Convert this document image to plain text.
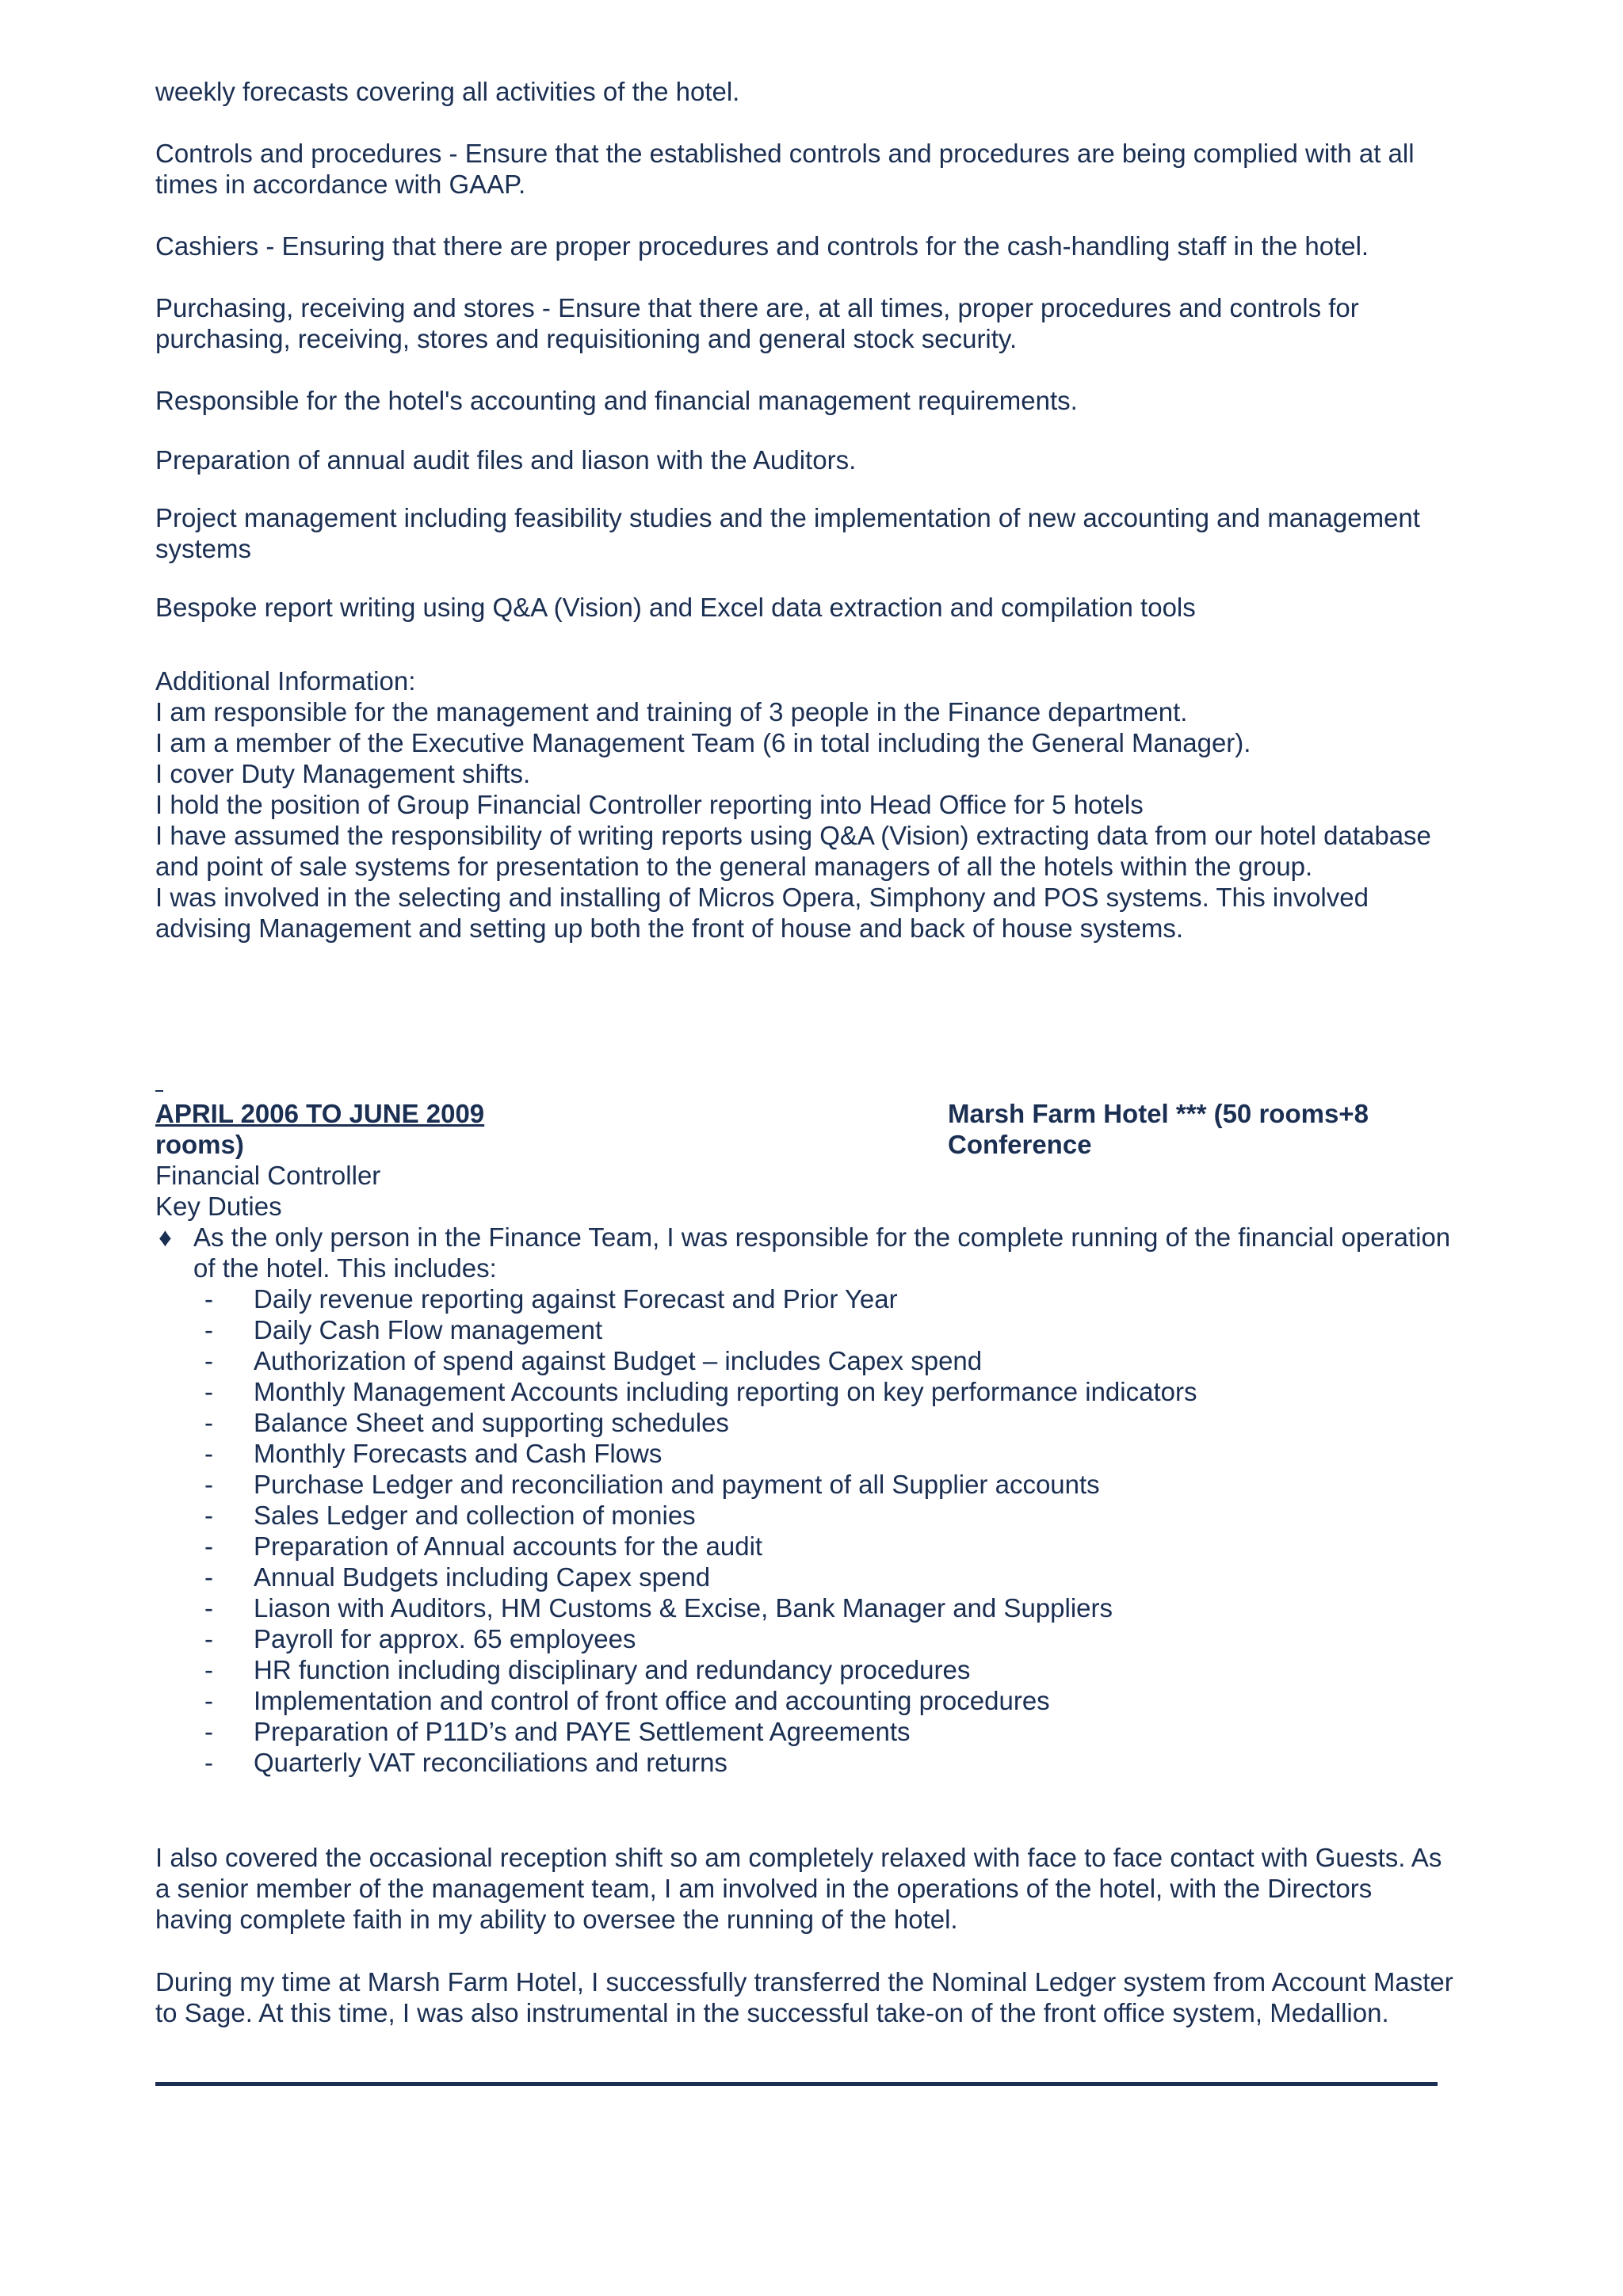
weekly forecasts covering all activities of the hotel.

Controls and procedures - Ensure that the established controls and procedures are being complied with at all times in accordance with GAAP.

Cashiers - Ensuring that there are proper procedures and controls for the cash-handling staff in the hotel.

Purchasing, receiving and stores - Ensure that there are, at all times, proper procedures and controls for purchasing, receiving, stores and requisitioning and general stock security.

Responsible for the hotel's accounting and financial management requirements.

Preparation of annual audit files and liason with the Auditors.

Project management including feasibility studies and the implementation of new accounting and management systems

Bespoke report writing using Q&A (Vision) and Excel data extraction and compilation tools

Additional Information:
I am responsible for the management and training of 3 people in the Finance department.
I am a member of the Executive Management Team (6 in total including the General Manager).
I cover Duty Management shifts.
I hold the position of Group Financial Controller reporting into Head Office for 5 hotels
I have assumed the responsibility of writing reports using Q&A (Vision) extracting data from our hotel database and point of sale systems for presentation to the general managers of all the hotels within the group.
I was involved in the selecting and installing of Micros Opera, Simphony and POS systems. This involved advising Management and setting up both the front of house and back of house systems.
APRIL 2006 TO JUNE 2009	Marsh Farm Hotel *** (50 rooms+8 Conference
rooms)
Financial Controller
Key Duties
♦ As the only person in the Finance Team, I was responsible for the complete running of the financial operation of the hotel. This includes:
- Daily revenue reporting against Forecast and Prior Year
- Daily Cash Flow management
- Authorization of spend against Budget – includes Capex spend
- Monthly Management Accounts including reporting on key performance indicators
- Balance Sheet and supporting schedules
- Monthly Forecasts and Cash Flows
- Purchase Ledger and reconciliation and payment of all Supplier accounts
- Sales Ledger and collection of monies
- Preparation of Annual accounts for the audit
- Annual Budgets including Capex spend
- Liason with Auditors, HM Customs & Excise, Bank Manager and Suppliers
- Payroll for approx. 65 employees
- HR function including disciplinary and redundancy procedures
- Implementation and control of front office and accounting procedures
- Preparation of P11D’s and PAYE Settlement Agreements
- Quarterly VAT reconciliations and returns

I also covered the occasional reception shift so am completely relaxed with face to face contact with Guests. As a senior member of the management team, I am involved in the operations of the hotel, with the Directors having complete faith in my ability to oversee the running of the hotel.

During my time at Marsh Farm Hotel, I successfully transferred the Nominal Ledger system from Account Master to Sage. At this time, I was also instrumental in the successful take-on of the front office system, Medallion.
